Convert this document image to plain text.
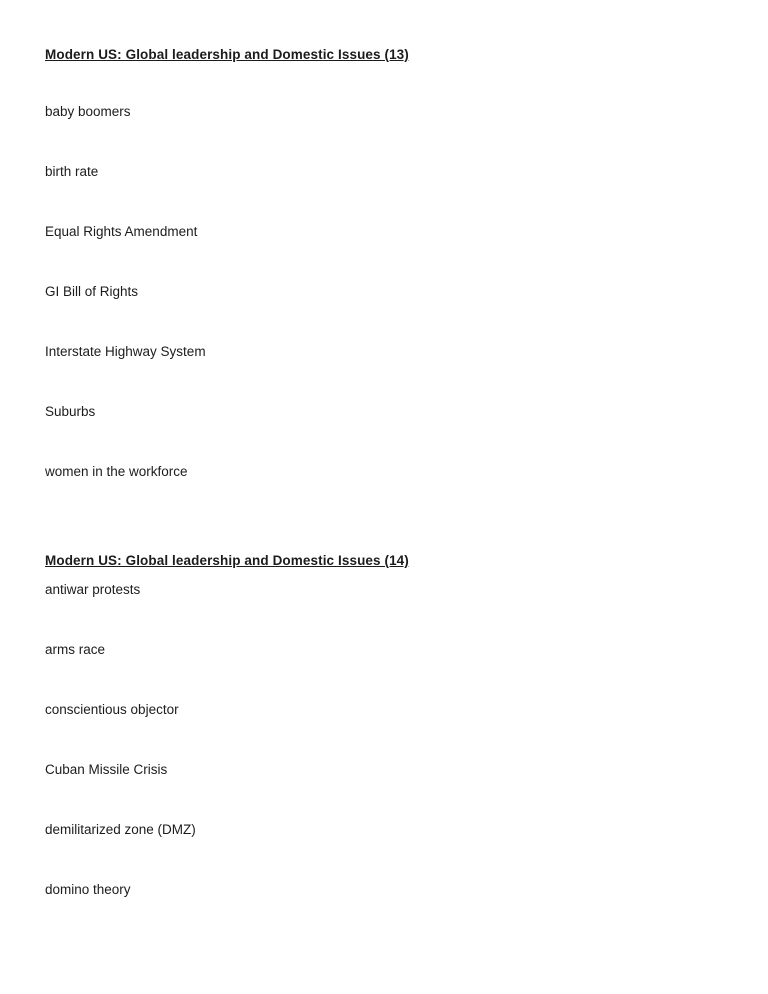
Modern US: Global leadership and Domestic Issues (13)

baby boomers

birth rate

Equal Rights Amendment

GI Bill of Rights

Interstate Highway System

Suburbs

women in the workforce

Modern US: Global leadership and Domestic Issues (14)

antiwar protests

arms race

conscientious objector

Cuban Missile Crisis

demilitarized zone (DMZ)

domino theory
